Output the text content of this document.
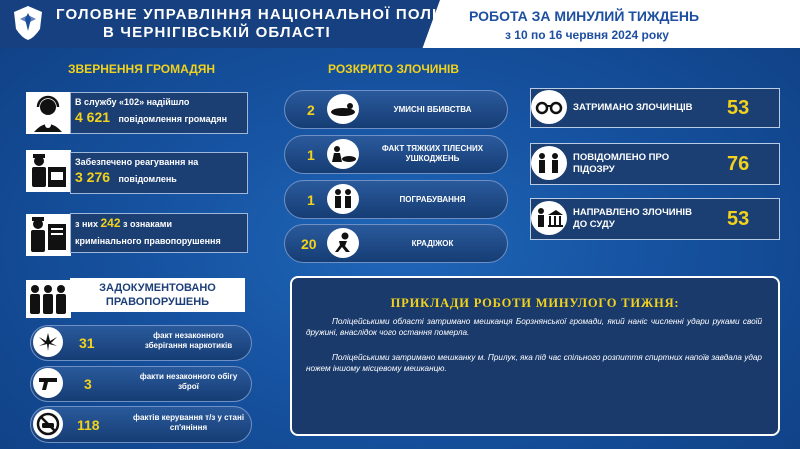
ГОЛОВНЕ УПРАВЛІННЯ НАЦІОНАЛЬНОЇ ПОЛІЦІЇ
В ЧЕРНІГІВСЬКІЙ ОБЛАСТІ
РОБОТА ЗА МИНУЛИЙ ТИЖДЕНЬ
з 10 по 16 червня 2024 року
ЗВЕРНЕННЯ ГРОМАДЯН
В службу «102» надійшло
4 621 повідомлення громадян
Забезпечено реагування на
3 276 повідомлень
з них 242 з ознаками
кримінального правопорушення
ЗАДОКУМЕНТОВАНО ПРАВОПОРУШЕНЬ
31	факт незаконного зберігання наркотиків
3	факти незаконного обігу зброї
118	фактів керування т/з у стані сп'яніння
РОЗКРИТО ЗЛОЧИНІВ
2	УМИСНІ ВБИВСТВА
1	ФАКТ ТЯЖКИХ ТІЛЕСНИХ УШКОДЖЕНЬ
1	ПОГРАБУВАННЯ
20	КРАДІЖОК
ЗАТРИМАНО ЗЛОЧИНЦІВ	53
ПОВІДОМЛЕНО ПРО ПІДОЗРУ	76
НАПРАВЛЕНО ЗЛОЧИНІВ ДО СУДУ	53
ПРИКЛАДИ РОБОТИ МИНУЛОГО ТИЖНЯ:

Поліцейськими області затримано мешканця Борзнянської громади, який наніс численні удари руками своїй дружині, внаслідок чого остання померла.

Поліцейськими затримано мешканку м. Прилук, яка під час спільного розпиття спиртних напоїв завдала удар ножем іншому місцевому мешканцю.
